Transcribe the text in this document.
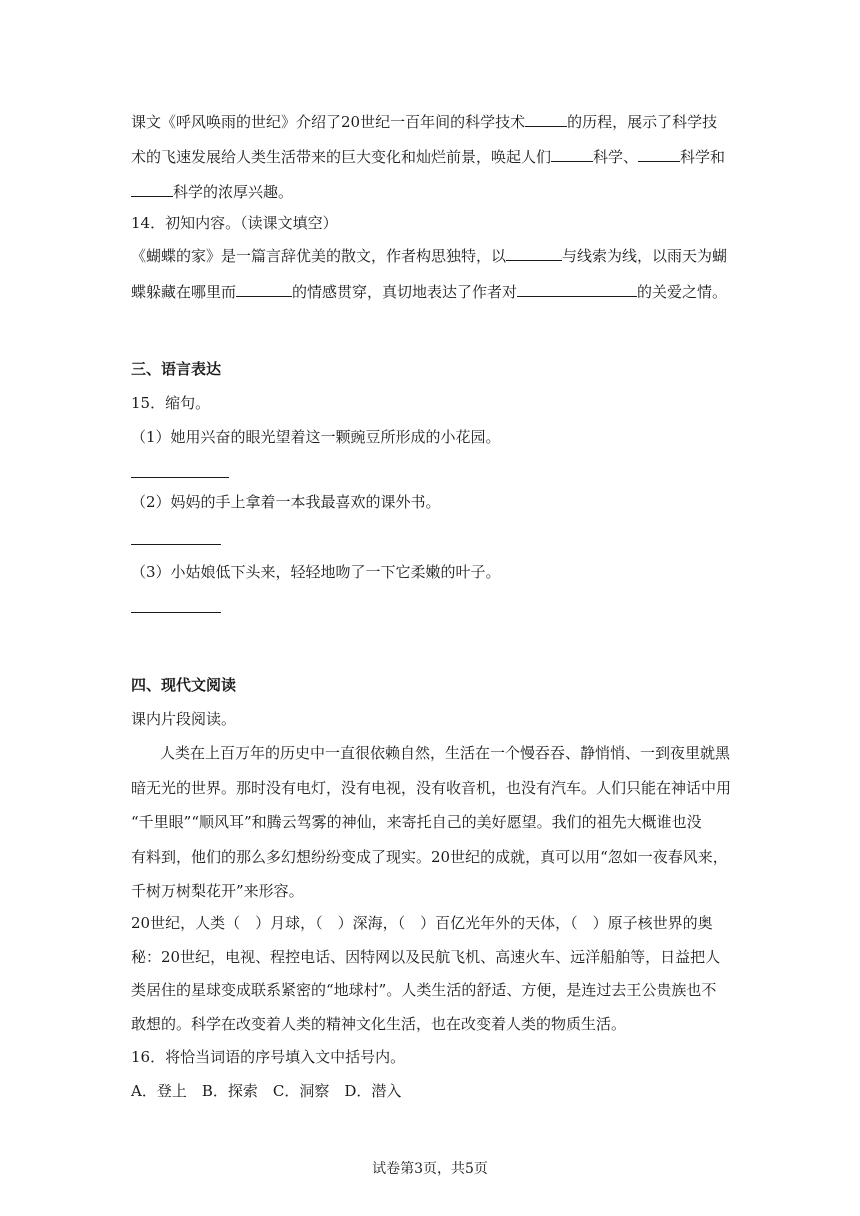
课文《呼风唤雨的世纪》介绍了20世纪一百年间的科学技术	的历程，展示了科学技
术的飞速发展给人类生活带来的巨大变化和灿烂前景，唤起人们	科学、	科学和
科学的浓厚兴趣。
14．初知内容。（读课文填空）
《蝴蝶的家》是一篇言辞优美的散文，作者构思独特，以	与线索为线，以雨天为蝴
蝶躲藏在哪里而	的情感贯穿，真切地表达了作者对	的关爱之情。
三、语言表达
15．缩句。
（1）她用兴奋的眼光望着这一颗豌豆所形成的小花园。
（2）妈妈的手上拿着一本我最喜欢的课外书。
（3）小姑娘低下头来，轻轻地吻了一下它柔嫩的叶子。
四、现代文阅读
课内片段阅读。
人类在上百万年的历史中一直很依赖自然，生活在一个慢吞吞、静悄悄、一到夜里就黑
暗无光的世界。那时没有电灯，没有电视，没有收音机，也没有汽车。人们只能在神话中用
“千里眼”“顺风耳”和腾云驾雾的神仙，来寄托自己的美好愿望。我们的祖先大概谁也没
有料到，他们的那么多幻想纷纷变成了现实。20世纪的成就，真可以用“忽如一夜春风来，
千树万树梨花开”来形容。
20世纪，人类（　）月球，（　）深海，（　）百亿光年外的天体，（　）原子核世界的奥
秘：20世纪，电视、程控电话、因特网以及民航飞机、高速火车、远洋船舶等，日益把人
类居住的星球变成联系紧密的“地球村”。人类生活的舒适、方便，是连过去王公贵族也不
敢想的。科学在改变着人类的精神文化生活，也在改变着人类的物质生活。
16．将恰当词语的序号填入文中括号内。
A．登上　B．探索　C．洞察　D．潜入
试卷第3页，共5页
